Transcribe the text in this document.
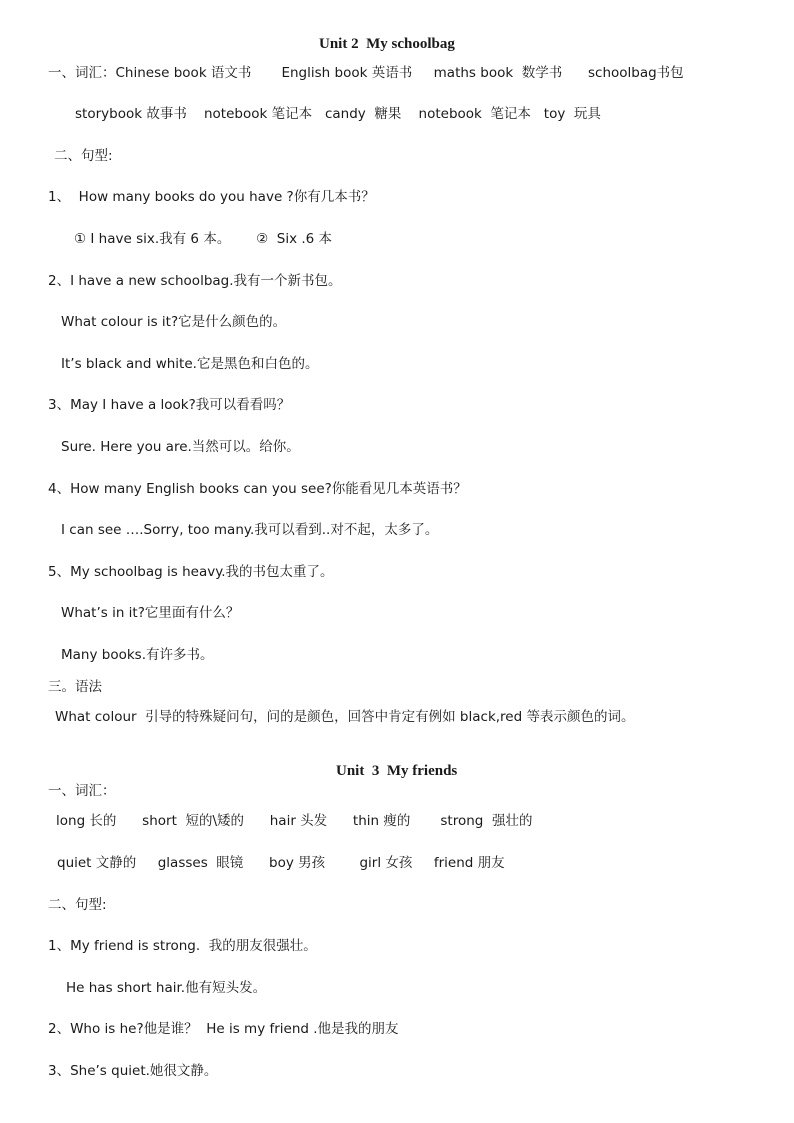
Unit 2  My schoolbag
一、词汇：Chinese book 语文书       English book 英语书     maths book  数学书      schoolbag书包
storybook 故事书    notebook 笔记本   candy  糖果    notebook  笔记本   toy  玩具
二、句型:
1、  How many books do you have ?你有几本书？
① I have six.我有 6 本。      ②  Six .6 本
2、I have a new schoolbag.我有一个新书包。
What colour is it?它是什么颜色的。
It’s black and white.它是黑色和白色的。
3、May I have a look?我可以看看吗？
Sure. Here you are.当然可以。给你。
4、How many English books can you see?你能看见几本英语书？
I can see ….Sorry, too many.我可以看到..对不起，太多了。
5、My schoolbag is heavy.我的书包太重了。
What’s in it?它里面有什么？
Many books.有许多书。
三。语法
What colour  引导的特殊疑问句，问的是颜色，回答中肯定有例如 black,red 等表示颜色的词。
Unit  3  My friends
一、词汇：
long 长的      short  短的\矮的      hair 头发      thin 瘦的       strong  强壮的
quiet 文静的     glasses  眼镜      boy 男孩        girl 女孩     friend 朋友
二、句型:
1、My friend is strong.  我的朋友很强壮。
He has short hair.他有短头发。
2、Who is he?他是谁？  He is my friend .他是我的朋友
3、She’s quiet.她很文静。
